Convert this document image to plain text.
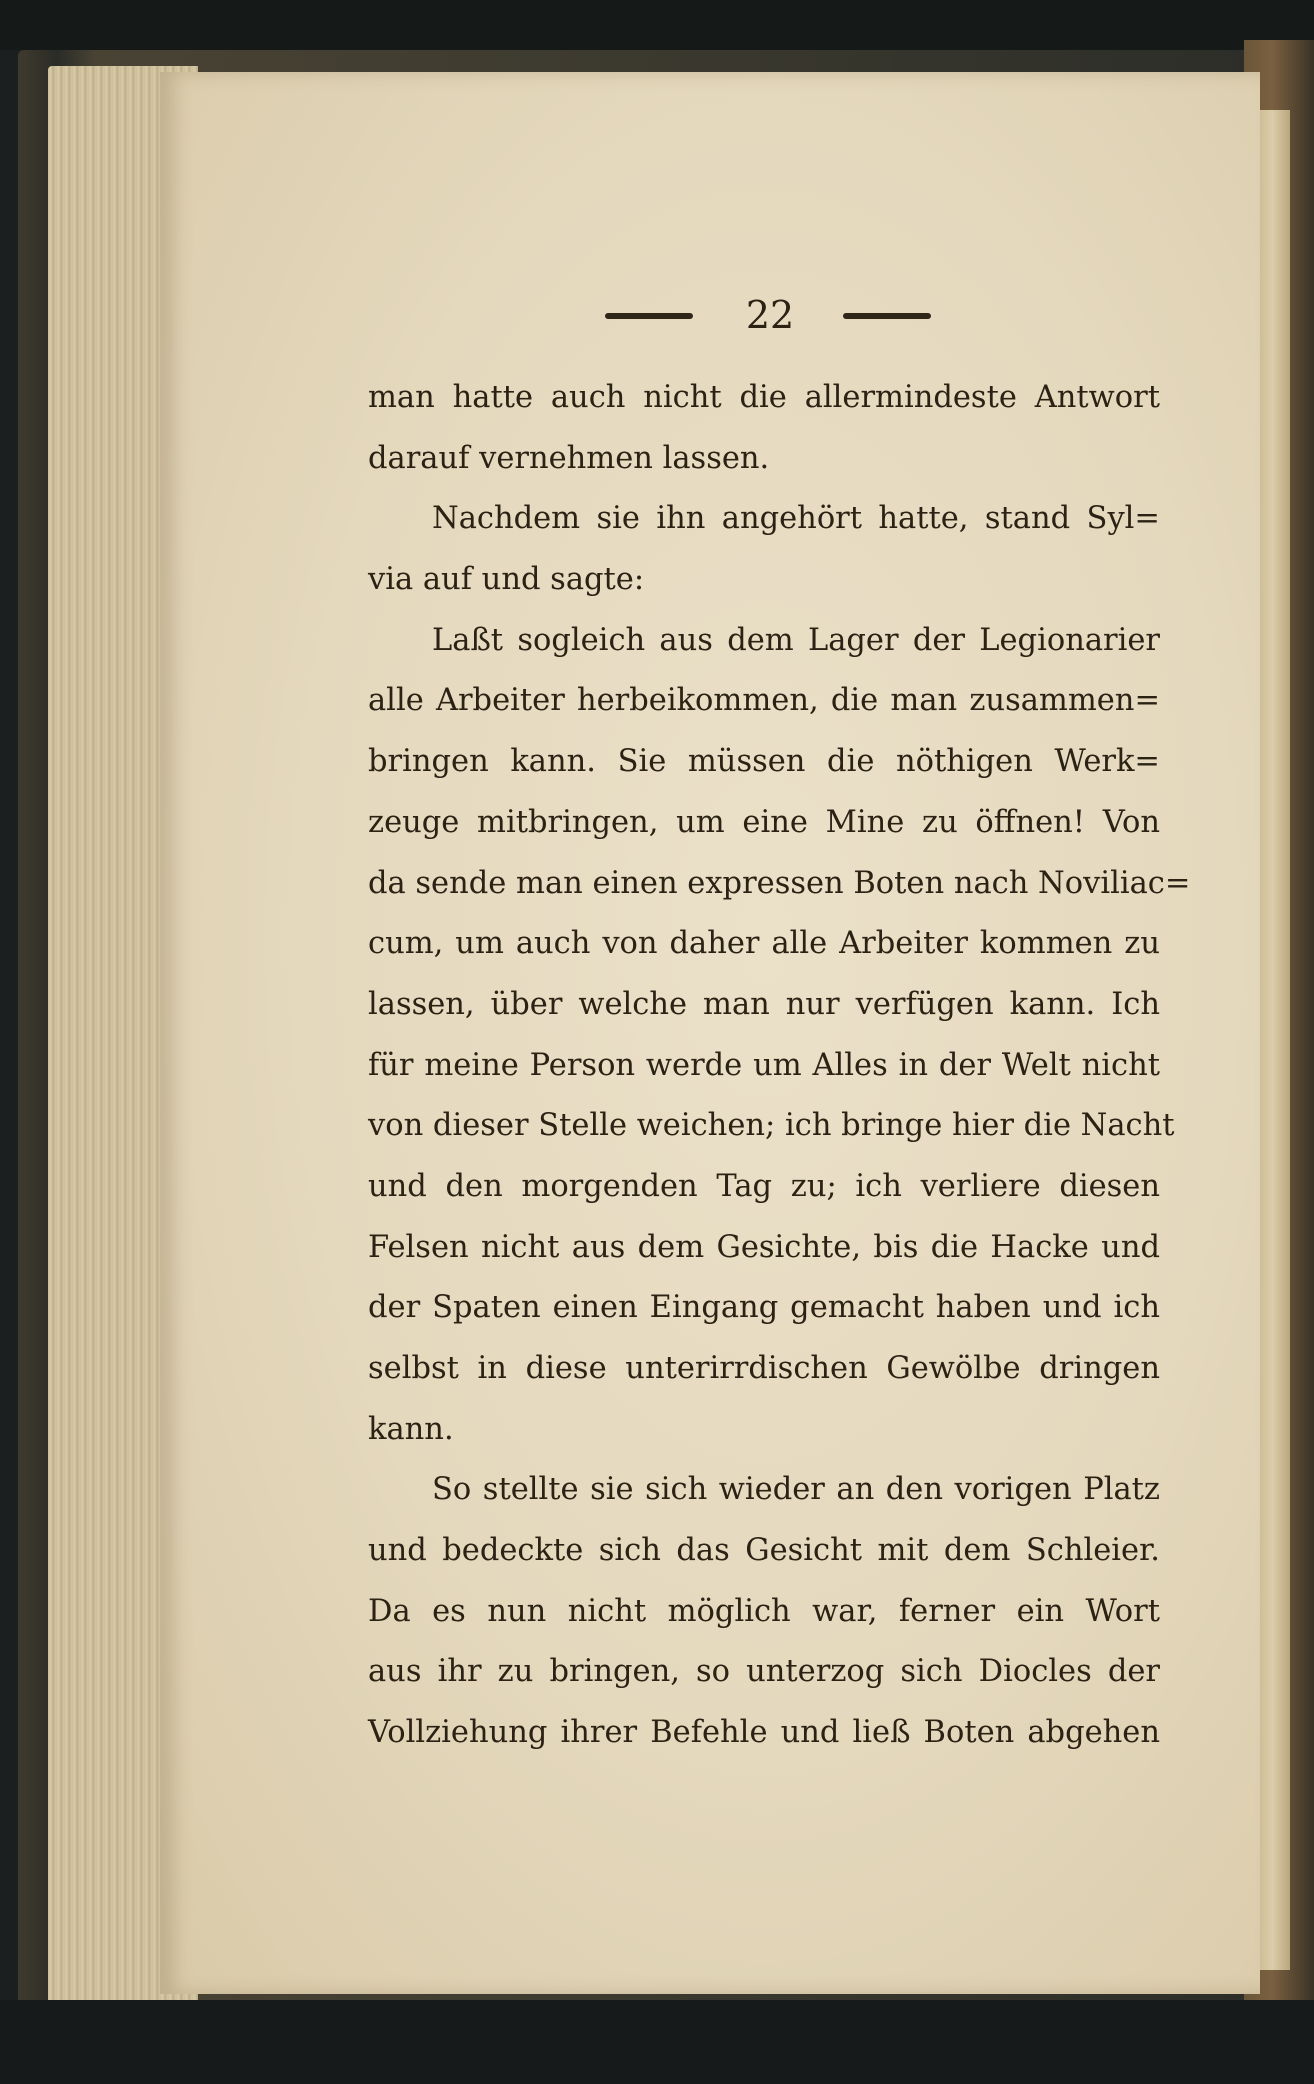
22
man hatte auch nicht die allermindeste Antwort
darauf vernehmen lassen.
Nachdem sie ihn angehört hatte, stand Syl=
via auf und sagte:
Laßt sogleich aus dem Lager der Legionarier
alle Arbeiter herbeikommen, die man zusammen=
bringen kann. Sie müssen die nöthigen Werk=
zeuge mitbringen, um eine Mine zu öffnen! Von
da sende man einen expressen Boten nach Noviliac=
cum, um auch von daher alle Arbeiter kommen zu
lassen, über welche man nur verfügen kann. Ich
für meine Person werde um Alles in der Welt nicht
von dieser Stelle weichen; ich bringe hier die Nacht
und den morgenden Tag zu; ich verliere diesen
Felsen nicht aus dem Gesichte, bis die Hacke und
der Spaten einen Eingang gemacht haben und ich
selbst in diese unterirrdischen Gewölbe dringen
kann.
So stellte sie sich wieder an den vorigen Platz
und bedeckte sich das Gesicht mit dem Schleier.
Da es nun nicht möglich war, ferner ein Wort
aus ihr zu bringen, so unterzog sich Diocles der
Vollziehung ihrer Befehle und ließ Boten abgehen
